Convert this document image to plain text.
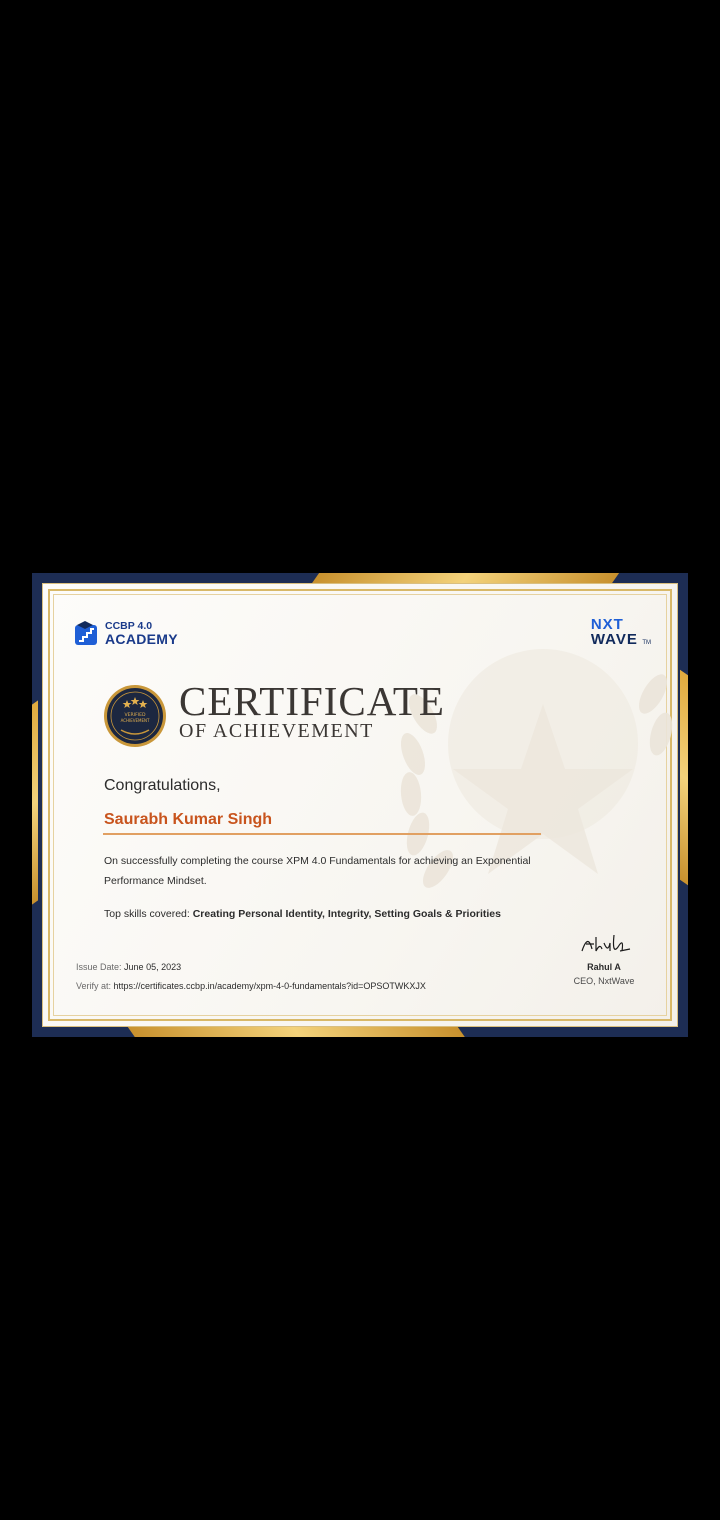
CCBP 4.0
ACADEMY
NXT
WAVE TM
VERIFIED
ACHIEVEMENT CERTIFICATE
OF ACHIEVEMENT
Congratulations,
Saurabh Kumar Singh
On successfully completing the course XPM 4.0 Fundamentals for achieving an Exponential Performance Mindset.
Top skills covered: Creating Personal Identity, Integrity, Setting Goals & Priorities
Issue Date: June 05, 2023
Verify at: https://certificates.ccbp.in/academy/xpm-4-0-fundamentals?id=OPSOTWKXJX
Rahul A
CEO, NxtWave
